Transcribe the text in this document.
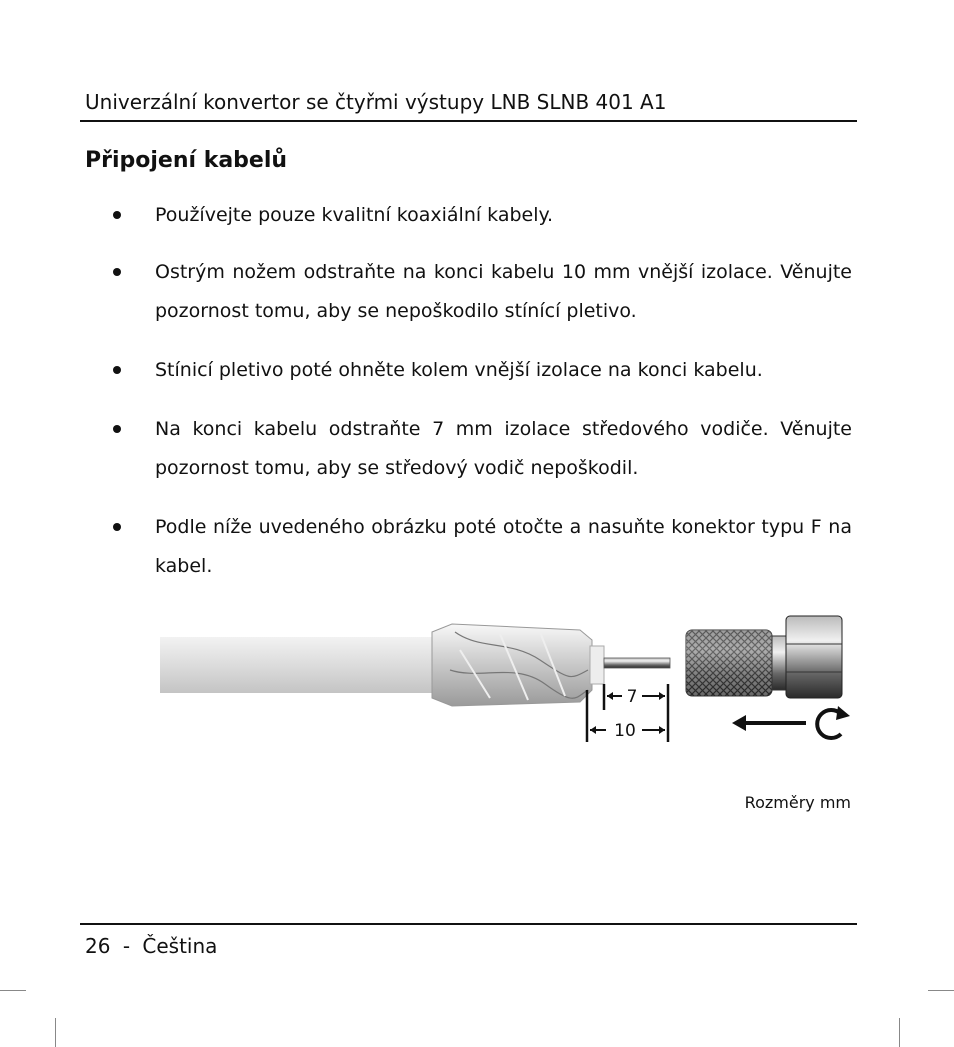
Univerzální konvertor se čtyřmi výstupy LNB SLNB 401 A1
Připojení kabelů
Používejte pouze kvalitní koaxiální kabely.
Ostrým nožem odstraňte na konci kabelu 10 mm vnější izolace. Věnujte pozornost tomu, aby se nepoškodilo stínící pletivo.
Stínicí pletivo poté ohněte kolem vnější izolace na konci kabelu.
Na konci kabelu odstraňte 7 mm izolace středového vodiče. Věnujte pozornost tomu, aby se středový vodič nepoškodil.
Podle níže uvedeného obrázku poté otočte a nasuňte konektor typu F na kabel.
7
10
Rozměry mm
26 - Čeština
